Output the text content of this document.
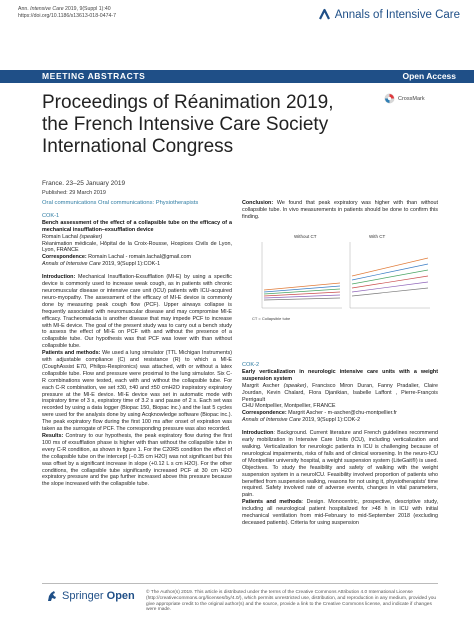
Ann. Intensive Care 2019, 9(Suppl 1):40
https://doi.org/10.1186/s13613-018-0474-7	Annals of Intensive Care
MEETING ABSTRACTS	Open Access
Proceedings of Réanimation 2019, the French Intensive Care Society International Congress
CrossMark
France. 23–25 January 2019
Published: 29 March 2019

Oral communications Oral communications: Physiotherapists

COK-1

Bench assessment of the effect of a collapsible tube on the efficacy of a mechanical insufflation–exsufflation device

Romain Lachal (speaker)

Réanimation médicale, Hôpital de la Croix-Rousse, Hospices Civils de Lyon, Lyon, FRANCE

Correspondence: Romain Lachal - romain.lachal@gmail.com

Annals of Intensive Care 2019, 9(Suppl 1):COK-1

Introduction: Mechanical Insufflation-Exsufflation (MI-E) by using a specific device is commonly used to increase weak cough, as in patients with chronic neuromuscular disease or intensive care unit (ICU) patients with ICU-acquired neuro-myopathy. The assessment of the efficacy of MI-E device is commonly done by measuring peak cough flow (PCF). Upper airways collapse is frequently associated with neuromuscular disease and may compromise MI-E efficacy. Tracheomalacia is another disease that may impede PCF to increase with MI-E device. The goal of the present study was to carry out a bench study to assess the effect of MI-E on PCF with and without the presence of a collapsible tube. Our hypothesis was that PCF was lower with than without collapsible tube.

Patients and methods: We used a lung simulator (TTL Michigan Instruments) with adjustable compliance (C) and resistance (R) to which a MI-E (CoughAssist E70, Philips-Respironics) was attached, with or without a latex collapsible tube. Flow and pressure were proximal to the lung simulator. Six C-R combinations were tested, each with and without the collapsible tube. For each C-R combination, we set ±30, ±40 and ±50 cmH2O inspiratory expiratory pressure at the MI-E device. MI-E device was set in automatic mode with inspiratory time of 3 s, expiratory time of 3.2 s and pause of 2 s. Each set was recorded by using a data logger (Biopac 150, Biopac inc.) and the last 5 cycles were used for the analysis done by using Acqknowledge software (Biopac inc.). The peak expiratory flow during the first 100 ms after onset of expiration was taken as the surrogate of PCF. The corresponding pressure was also recorded.

Results: Contrary to our hypothesis, the peak expiratory flow during the first 100 ms of exsufflation phase is higher with than without the collapsible tube in every C-R condition, as shown in figure 1. For the C20R5 condition the effect of the collapsible tube on the intercept (−0.35 cm H2O) was not significant but this was offset by a significant increase in slope (+0.12 L s cm H2O). For the other conditions, the collapsible tube significantly increased PCF at 30 cm H2O expiratory pressure and the gap further increased above this pressure because the slope increased with the collapsible tube.

Conclusion: We found that peak expiratory was higher with than without collapsible tube. In vivo measurements in patients should be done to confirm this finding.

Without CT	With CT
CT = Collapsible tube

COK-2

Early verticalization in neurologic intensive care units with a weight suspension system

Margrit Ascher (speaker), Francisco Miron Duran, Fanny Pradalier, Claire Jourdan, Kevin Chalard, Flora Djanikian, Isabelle Laffont , Pierre-François Perrigault

CHU Montpellier, Montpellier, FRANCE

Correspondence: Margrit Ascher - m-ascher@chu-montpellier.fr

Annals of Intensive Care 2019, 9(Suppl 1):COK-2

Introduction: Background. Current literature and French guidelines recommend early mobilization in Intensive Care Units (ICU), including verticalization and walking. Verticalization for neurologic patients in ICU is challenging because of neurological impairments, risks of falls and of clinical worsening. In the neuro-ICU of Montpellier university hospital, a weight suspension system (LiteGait®) is used. Objectives. To study the feasibility and safety of walking with the weight suspension system in a neuroICU. Feasibility involved proportion of patients who benefited from suspension walking, reasons for not using it, physiotherapists' time required. Safety involved rate of adverse events, changes in vital parameters, pain.

Patients and methods: Design. Monocentric, prospective, descriptive study, including all neurological patient hospitalized for >48 h in ICU with initial mechanical ventilation from mid-February to mid-September 2018 (excluding deceased patients). Criteria for using suspension

Springer Open © The Author(s) 2019. This article is distributed under the terms of the Creative Commons Attribution 4.0 International License (http://creativecommons.org/licenses/by/4.0/), which permits unrestricted use, distribution, and reproduction in any medium, provided you give appropriate credit to the original author(s) and the source, provide a link to the Creative Commons license, and indicate if changes were made.
